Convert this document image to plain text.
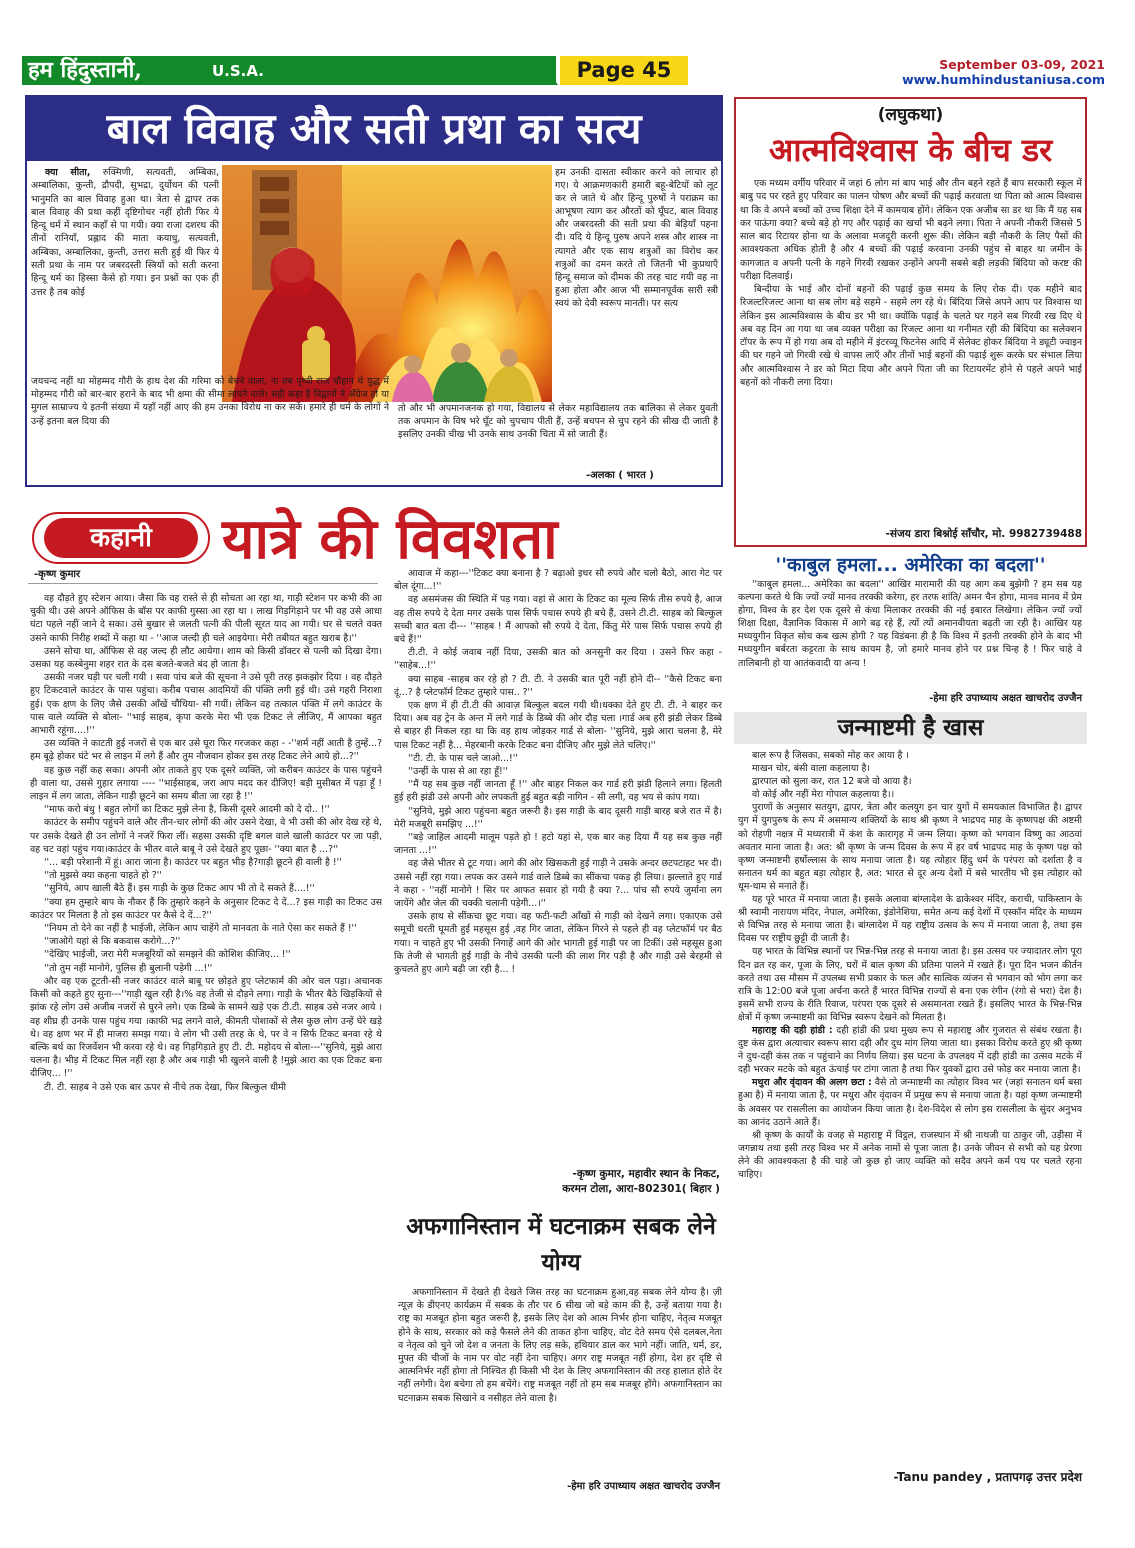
हम हिंदुस्तानी,	U.S.A.	Page 45	September 03-09, 2021
www.humhindustaniusa.com
बाल विवाह और सती प्रथा का सत्य

क्या सीता, रुक्मिणी, सत्यवती, अम्बिका, अम्बालिका, कुन्ती, द्रौपदी, सुभद्रा, दुर्योधन की पत्नी भानुमति का बाल विवाह हुआ था। त्रेता से द्वापर तक बाल विवाह की प्रथा कहीं दृष्टिगोचर नहीं होती फिर ये हिन्दू धर्म में स्थान कहाँ से पा गयी। क्या राजा दशरथ की तीनों रानियाँ, प्रह्लाद की माता कयाधु, सत्यवती, अम्बिका, अम्बालिका, कुन्ती, उत्तरा सती हुई थी फिर ये सती प्रथा के नाम पर जबरदस्ती स्त्रियों को सती करना हिन्दू धर्म का हिस्सा कैसे हो गया। इन प्रश्नों का एक ही उत्तर है तब कोई

हम उनकी दासता स्वीकार करने को लाचार हो गए। ये आक्रमणकारी हमारी बहू-बेटियों को लूट कर ले जाते थे और हिन्दू पुरुषों ने पराक्रम का आभूषण त्याग कर औरतों को घूँघट, बाल विवाह और जबरदस्ती की सती प्रथा की बेड़ियाँ पहना दी। यदि ये हिन्दू पुरुष अपने शस्त्र और शास्त्र ना त्यागते और एक साथ शत्रुओं का विरोध कर शत्रुओं का दमन करते तो जितनी भी कुप्रथाएँ हिन्दू समाज को दीमक की तरह चाट गयी वह ना हुआ होता और आज भी सम्मानपूर्वक सारी स्त्री स्वयं को देवी स्वरूप मानती। पर सत्य

जयचन्द नहीं था मोहम्मद गौरी के हाथ देश की गरिमा को बेचने वाला, ना तब पृथ्वी राज चौहान थे युद्ध में मोहम्मद गौरी को बार-बार हराने के बाद भी क्षमा की सीमा लांघने वाले। सही कहा है विद्वानों ने अँग्रेज हो या मुगल साम्राज्य ये इतनी संख्या में यहाँ नहीं आए की हम उनका विरोध ना कर सकें। हमारे ही धर्म के लोगों ने उन्हें इतना बल दिया की

तो और भी अपमानजनक हो गया, विद्यालय से लेकर महाविद्यालय तक बालिका से लेकर युवती तक अपमान के विष भरे घूँट को चुपचाप पीती हैं, उन्हें बचपन से चुप रहने की सीख दी जाती है इसलिए उनकी चीख भी उनके साथ उनकी चिता में सो जाती हैं।

-अलका ( भारत )
(लघुकथा)
आत्मविश्वास के बीच डर

एक मध्यम वर्गीय परिवार में जहां 6 लोग मां बाप भाई और तीन बहने रहते हैं बाप सरकारी स्कूल में बाबु पद पर रहते हुए परिवार का पालन पोषण और बच्चों की पढ़ाई करवाता था पिता को आत्म विश्वास था कि वे अपने बच्चों को उच्च शिक्षा देने में कामयाब होंगे। लेकिन एक अजीब सा डर था कि मैं यह सब कर पाऊंगा क्या? बच्चे बड़े हो गए और पढ़ाई का खर्चा भी बढ़ने लगा। पिता ने अपनी नौकरी जिससे 5 साल बाद रिटायर होना था के अलावा मजदूरी करनी शुरू की। लेकिन बड़ी नौकरी के लिए पैसों की आवश्यकता अधिक होती है और 4 बच्चों की पढ़ाई करवाना उनकी पहुंच से बाहर था जमीन के कागजात व अपनी पत्नी के गहने गिरवी रखकर उन्होंने अपनी सबसे बड़ी लड़की बिंदिया को करष्ट की परीक्षा दिलवाई।

बिन्दीया के भाई और दोनों बहनों की पढ़ाई कुछ समय के लिए रोक दी। एक महीने बाद रिजल्टरिजल्ट आना था सब लोग बड़े सहमे - सहमे लग रहे थे। बिंदिया जिसे अपने आप पर विश्वास था लेकिन इस आत्मविश्वास के बीच डर भी था। क्योंकि पढ़ाई के चलते घर गहने सब गिरवी रख दिए थे अब वह दिन आ गया था जब व्यक्त परीक्षा का रिजल्ट आना था गनीमत रही की बिंदिया का सलेक्शन टॉपर के रूप में हो गया अब दो महीने में इंटरव्यू फिटनेस आदि में सेलेक्ट होकर बिंदिया ने ड्यूटी ज्वाइन की घर गहने जो गिरवी रखे थे वापस लाएँ और तीनों भाई बहनों की पढ़ाई शुरू करके घर संभाल लिया और आत्मविश्वास ने डर को मिटा दिया और अपने पिता जी का रिटायरमेंट होने से पहले अपने भाई बहनों को नौकरी लगा दिया।

-संजय डारा बिश्नोई साँचौर, मो. 9982739488
''काबुल हमला... अमेरिका का बदला''

''काबुल हमला... अमेरिका का बदला'' आखिर मारामारी की यह आग कब बुझेगी ? हम सब यह कल्पना करते थे कि ज्यों ज्यों मानव तरक्की करेगा, हर तरफ शांति/ अमन चैन होगा, मानव मानव में प्रेम होगा, विश्व के हर देश एक दूसरे से कंधा मिलाकर तरक्की की नई इबारत लिखेगा। लेकिन ज्यों ज्यों शिक्षा दिक्षा, वैज्ञानिक विकास में आगे बढ़ रहे हैं, त्यों त्यों अमानवीयता बढ़ती जा रही है। आखिर यह मध्ययुगीन विकृत सोच कब खत्म होगी ? यह विडंबना ही है कि विश्व में इतनी तरक्की होने के बाद भी मध्ययुगीन बर्बरता कट्टरता के साथ कायम है, जो हमारे मानव होने पर प्रश्न चिन्ह है ! फिर चाहे वे तालिबानी हो या आतंकवादी या अन्य !

-हेमा हरि उपाध्याय अक्षत खाचरोद उज्जैन
जन्माष्टमी है खास

बाल रूप है जिसका, सबको मोह कर आया है ।

माखन चोर, बंसी वाला कहलाया है।

द्वारपाल को सुला कर, रात 12 बजे वो आया है।

वो कोई और नहीं मेरा गोपाल कहलाया है।।

पुराणों के अनुसार सतयुग, द्वापर, त्रेता और कलयुग इन चार युगों में समयकाल विभाजित है। द्वापर युग में युगपुरुष के रूप में असमान्य शक्तियों के साथ श्री कृष्ण ने भाद्रपद माह के कृष्णपक्ष की अष्टमी को रोहणी नक्षत्र में मध्यरात्री में कंश के कारागृह में जन्म लिया। कृष्ण को भगवान विष्णु का आठवां अवतार माना जाता है। अत: श्री कृष्ण के जन्म दिवस के रूप में हर वर्ष भाद्रपद माह के कृष्ण पक्ष को कृष्ण जन्माष्टमी हर्षोल्लास के साथ मनाया जाता है। यह त्योहार हिंदु धर्म के परंपरा को दर्शाता है व सनातन धर्म का बहुत बड़ा त्योहार है, अत: भारत से दूर अन्य देशों में बसे भारतीय भी इस त्योहार को धूम-धाम से मनाते हैं।

यह पूरे भारत में मनाया जाता है। इसके अलावा बांग्लादेश के ढाकेश्वर मंदिर, कराची, पाकिस्तान के श्री स्वामी नारायण मंदिर, नेपाल, अमेरिका, इंडोनेशिया, समेत अन्य कई देशों में एस्कॉन मंदिर के माध्यम से विभिन्न तरह से मनाया जाता है। बांग्लादेश में यह राष्ट्रीय उत्सव के रूप में मनाया जाता है, तथा इस दिवस पर राष्ट्रीय छुट्टी दी जाती है।

यह भारत के विभिन्न स्थानों पर भिन्न-भिन्न तरह से मनाया जाता है। इस उत्सव पर ज्यादातर लोग पूरा दिन व्रत रह कर, पूजा के लिए, घरों में बाल कृष्ण की प्रतिमा पालने में रखते हैं। पूरा दिन भजन कीर्तन करते तथा उस मौसम में उपलब्ध सभी प्रकार के फल और सात्विक व्यंजन से भगवान को भोग लगा कर रात्रि के 12:00 बजे पूजा अर्चना करते हैं भारत विभिन्न राज्यों से बना एक रंगीन (रंगो से भरा) देश है। इसमें सभी राज्य के रीति रिवाज, परंपरा एक दूसरे से असमानता रखते हैं। इसलिए भारत के भिन्न-भिन्न क्षेत्रों में कृष्ण जन्माष्टमी का विभिन्न स्वरूप देखने को मिलता है।

महाराष्ट्र की दही हांडी : दही हांडी की प्रथा मुख्य रूप से महाराष्ट्र और गुजरात से संबंध रखता है। दुष्ट कंस द्वारा अत्याचार स्वरूप सारा दही और दुध मांग लिया जाता था। इसका विरोध करते हुए श्री कृष्ण ने दुध-दही कंस तक न पहुंचाने का निर्णय लिया। इस घटना के उपलक्ष्य में दही हांडी का उत्सव मटके में दही भरकर मटके को बहुत ऊंचाई पर टांगा जाता है तथा फिर युवकों द्वारा उसे फोड़ कर मनाया जाता है।

मथुरा और वृंदावन की अलग छटा : वैसे तो जन्माष्टमी का त्योहार विश्व भर (जहां सनातन धर्म बसा हुआ है) में मनाया जाता है, पर मथुरा और वृंदावन में प्रमुख रूप से मनाया जाता है। यहां कृष्ण जन्माष्टमी के अवसर पर रासलीला का आयोजन किया जाता है। देश-विदेश से लोग इस रासलीला के सुंदर अनुभव का आनंद उठाने आते हैं।

श्री कृष्ण के कार्यों के वजह से महाराष्ट्र में विट्ठल, राजस्थान में श्री नाथजी या ठाकुर जी, उड़ीसा में जगन्नाथ तथा इसी तरह विश्व भर में अनेक नामों से पूजा जाता है। उनके जीवन से सभी को यह प्रेरणा लेने की आवश्यकता है की चाहे जो कुछ हो जाए व्यक्ति को सदैव अपने कर्म पथ पर चलते रहना चाहिए।

-Tanu pandey , प्रतापगढ़ उत्तर प्रदेश
कहानी	यात्रे की विवशता
-कृष्ण कुमार

वह दौड़ते हुए स्टेशन आया। जैसा कि वह रास्ते से ही सोचता आ रहा था, गाड़ी स्टेशन पर कभी की आ चुकी थी। उसे अपने ऑफिस के बॉस पर काफी गुस्सा आ रहा था । लाख गिड़गिड़ाने पर भी वह उसे आधा घंटा पहले नहीं जाने दे सका। उसे बुखार से जलती पत्नी की पीली सूरत याद आ गयी। घर से चलते वक्त उसने काफी निरीह शब्दों में कहा था - ''आज जल्दी ही चले आइयेगा। मेरी तबीयत बहुत खराब है।''

उसने सोचा था, ऑफिस से वह जल्द ही लौट आयेगा। शाम को किसी डॉक्टर से पत्नी को दिखा देगा। उसका यह कस्बेनुमा शहर रात के दस बजते-बजते बंद हो जाता है।

उसकी नजर घड़ी पर चली गयी । सवा पांच बजे की सूचना ने उसे पूरी तरह झकझोर दिया । वह दौड़ते हुए टिकटवाले काउंटर के पास पहुंचा। करीब पचास आदमियों की पंक्ति लगी हुई थी। उसे गहरी निराशा हुई। एक क्षण के लिए जैसे उसकी आँखें चौंधिया- सी गयीं। लेकिन वह तत्काल पंक्ति में लगे काउंटर के पास वाले व्यक्ति से बोला- ''भाई साहब, कृपा करके मेरा भी एक टिकट ले लीजिए, मैं आपका बहुत आभारी रहूंगा....!''

उस व्यक्ति ने काटती हुई नजरों से एक बार उसे घूरा फिर गरजकर कहा - -''शर्म नहीं आती है तुम्हें...? हम बूढ़े होकर घंटे भर से लाइन में लगे हैं और तुम नौजवान होकर इस तरह टिकट लेने आये हो...?''

वह कुछ नहीं कह सका। अपनी ओर ताकते हुए एक दूसरे व्यक्ति, जो करीबन काउंटर के पास पहुंचने ही वाला था, उससे गुहार लगाया ---- ''भाईसाहब, जरा आप मदद कर दीजिए! बड़ी मुसीबत में पड़ा हूँ ! लाइन में लग जाता, लेकिन गाड़ी छूटने का समय बीता जा रहा है !''

''माफ करो बंधु ! बहुत लोगों का टिकट मुझे लेना है, किसी दूसरे आदमी को दे दो.. !''

काउंटर के समीप पहुंचने वाले और तीन-चार लोगों की ओर उसने देखा, वे भी उसी की ओर देख रहे थे, पर उसके देखते ही उन लोगों ने नजरें फिरा लीं। सहसा उसकी दृष्टि बगल वाले खाली काउंटर पर जा पड़ी, वह चट वहां पहुंच गया।काउंटर के भीतर वाले बाबू ने उसे देखते हुए पूछा- ''क्या बात है ...?''

''... बड़ी परेशानी में हूं। आरा जाना है। काउंटर पर बहुत भीड़ है?गाड़ी छूटने ही वाली है !''

''तो मुझसे क्या कहना चाहते हो ?''

''सुनिये, आप खाली बैठे हैं। इस गाड़ी के कुछ टिकट आप भी तो दे सकते हैं....!''

''क्या हम तुम्हारे बाप के नौकर हैं कि तुम्हारे कहने के अनुसार टिकट दे दें...? इस गाड़ी का टिकट उस काउंटर पर मिलता है तो इस काउंटर पर कैसे दे दें...?''

''नियम तो देने का नहीं है भाईजी, लेकिन आप चाहेंगे तो मानवता के नाते ऐसा कर सकते हैं !''

''जाओगे यहां से कि बकवास करोगे...?''

''देखिए भाईजी, जरा मेरी मजबूरियों को समझने की कोशिश कीजिए... !''

''तो तुम नहीं मानोगे, पुलिस ही बुलानी पड़ेगी ...!''

और वह एक टूटती-सी नजर काउंटर वाले बाबू पर छोड़ते हुए प्लेटफार्म की ओर चल पड़ा। अचानक किसी को कहते हुए सुना---''गाड़ी खुल रही है।% वह तेजी से दौड़ने लगा। गाड़ी के भीतर बैठे खिड़कियों से झांक रहे लोग उसे अजीब नजरों से घुरने लगे। एक डिब्बे के सामने खड़े एक टी.टी. साहब उसे नजर आये । वह शीघ्र ही उनके पास पहुंच गया ।काफी भद्र लगने वाले, कीमती पोशाकों से लैस कुछ लोग उन्हें घेरे खड़े थे। वह क्षण भर में ही माजरा समझ गया। वे लोग भी उसी तरह के थे, पर वे न सिर्फ टिकट बनवा रहे थे बल्कि बर्थ का रिजर्वेशन भी करवा रहे थे। वह गिड़गिड़ाते हुए टी. टी. महोदय से बोला---''सुनिये, मुझे आरा चलना है। भीड़ में टिकट मिल नहीं रहा है और अब गाड़ी भी खुलने वाली है !मुझे आरा का एक टिकट बना दीजिए... !''

टी. टी. साहब ने उसे एक बार ऊपर से नीचे तक देखा, फिर बिल्कुल धीमी

आवाज में कहा---''टिकट क्या बनाना है ? बढ़ाओ इधर सौ रुपये और चलो बैठो, आरा गेट पर बोल दूंगा...!''

वह असमंजस की स्थिति में पड़ गया। वहां से आरा के टिकट का मूल्य सिर्फ तीस रुपये है, आज वह तीस रुपये दे देता मगर उसके पास सिर्फ पचास रुपये ही बचे हैं, उसने टी.टी. साहब को बिल्कुल सच्ची बात बता दी--- ''साहब ! मैं आपको सौ रुपये दे देता, किंतु मेरे पास सिर्फ पचास रुपये ही बचे हैं!''

टी.टी. ने कोई जवाब नहीं दिया, उसकी बात को अनसुनी कर दिया । उसने फिर कहा - ''साहेब...!''

क्या साहब -साहब कर रहे हो ? टी. टी. ने उसकी बात पूरी नहीं होने दी-- ''कैसे टिकट बना दूं...? है प्लेटफॉर्म टिकट तुम्हारे पास.. ?''

एक क्षण में ही टी.टी की आवाज़ बिल्कुल बदल गयी थी।धक्का देते हुए टी. टी. ने बाहर कर दिया। अब वह ट्रेन के अन्त में लगे गार्ड के डिब्बे की ओर दौड़ चला ।गार्ड अब हरी झंडी लेकर डिब्बे से बाहर ही निकल रहा था कि वह हाथ जोड़कर गार्ड से बोला- ''सुनिये, मुझे आरा चलना है, मेरे पास टिकट नहीं है... मेहरबानी करके टिकट बना दीजिए और मुझे लेते चलिए।''

''टी. टी. के पास चले जाओ...!''

''उन्हीं के पास से आ रहा हूँ!''

''मैं यह सब कुछ नहीं जानता हूँ !'' और बाहर निकल कर गार्ड हरी झंडी हिलाने लगा। हिलती हुई हरी झंडी उसे अपनी ओर लपकती हुई बहुत बड़ी नागिन - सी लगी, वह भय से कांप गया।

''सुनिये, मुझे आरा पहुंचना बहुत जरूरी है। इस गाड़ी के बाद दूसरी गाड़ी बारह बजे रात में है। मेरी मजबूरी समझिए ...!''

''बड़े जाहिल आदमी मालूम पड़ते हो ! हटो यहां से, एक बार कह दिया मैं यह सब कुछ नहीं जानता ...!''

वह जैसे भीतर से टूट गया। आगे की ओर खिसकती हुई गाड़ी ने उसके अन्दर छटपटाहट भर दी। उससे नहीं रहा गया। लपक कर उसने गार्ड वाले डिब्बे का सींकचा पकड़ ही लिया। झल्लाते हुए गार्ड ने कहा - ''नहीं मानोगे ! सिर पर आफत सवार हो गयी है क्या ?... पांच सौ रुपये जुर्माना लग जायेंगे और जेल की चक्की चलानी पड़ेगी...।''

उसके हाथ से सींकचा छूट गया। वह फटी-फटी आँखों से गाड़ी को देखने लगा। एकाएक उसे समूची धरती घूमती हुई महसूस हुई ,वह गिर जाता, लेकिन गिरने से पहले ही वह प्लेटफॉर्म पर बैठ गया। न चाहते हुए भी उसकी निगाहें आगे की ओर भागती हुई गाड़ी पर जा टिकीं। उसे महसूस हुआ कि तेजी से भागती हुई गाड़ी के नीचे उसकी पत्नी की लाश गिर पड़ी है और गाड़ी उसे बेरहमी से कुचलते हुए आगे बढ़ी जा रही है... !

-कृष्ण कुमार, महावीर स्थान के निकट,
करमन टोला, आरा-802301( बिहार )
अफगानिस्तान में घटनाक्रम सबक लेने योग्य

अफगानिस्तान में देखते ही देखते जिस तरह का घटनाक्रम हुआ,वह सबक लेने योग्य है। ज़ी न्यूज़ के डीएनए कार्यक्रम में सबक के तौर पर 6 सीख जो बड़े काम की है, उन्हें बताया गया है। राष्ट्र का मजबूत होना बहुत जरूरी है, इसके लिए देश को आत्म निर्भर होना चाहिए, नेतृत्व मजबूत होने के साथ, सरकार को कड़े फैसले लेने की ताकत होना चाहिए, वोट देते समय ऐसे दलबल,नेता व नेतृत्व को चुने जो देश व जनता के लिए लड़ सके, हथियार डाल कर भागे नहीं। जाति, धर्म, डर, मुफ्त की चीजों के नाम पर वोट नहीं देना चाहिए। अगर राष्ट्र मजबूत नहीं होगा, देश हर दृष्टि से आत्मनिर्भर नहीं होगा तो निश्चित ही किसी भी देश के लिए अफगानिस्तान की तरह हालात होते देर नहीं लगेगी। देश बचेगा तो हम बचेंगे। राष्ट्र मजबूत नहीं तो हम सब मजबूर होंगे। अफगानिस्तान का घटनाक्रम सबक सिखाने व नसीहत लेने वाला है।

-हेमा हरि उपाध्याय अक्षत खाचरोद उज्जैन
